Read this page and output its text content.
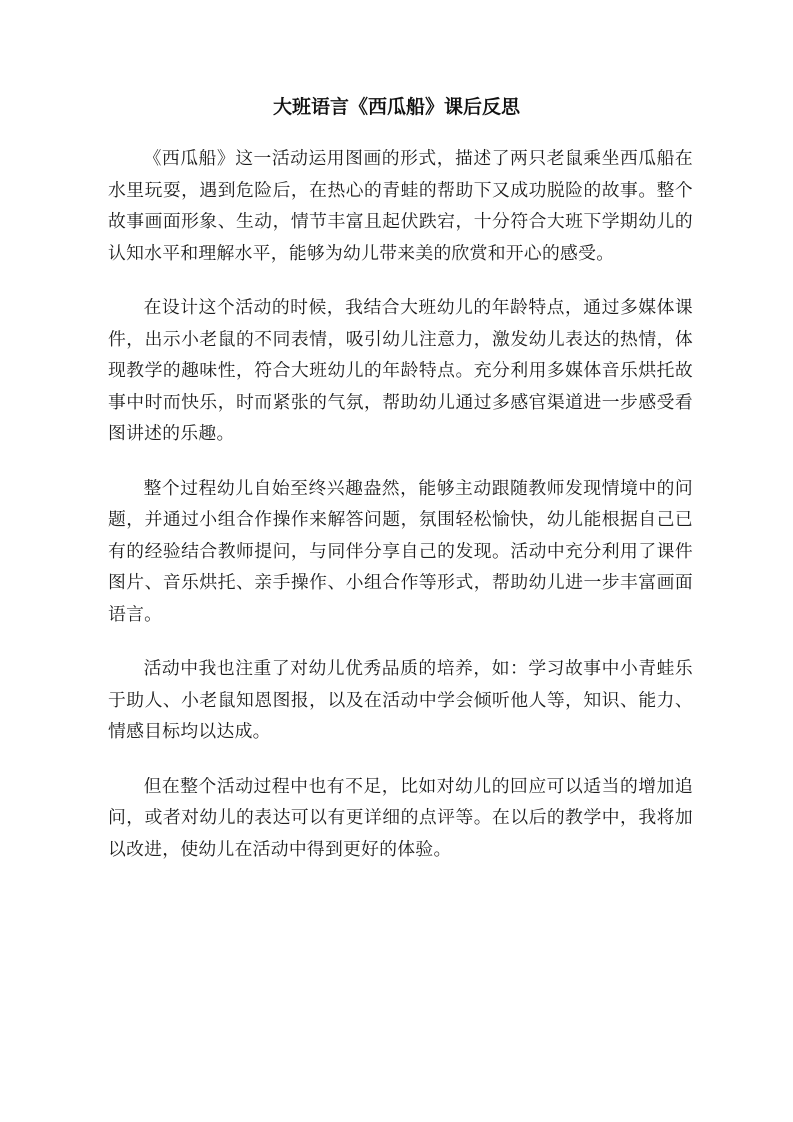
大班语言《西瓜船》课后反思

《西瓜船》这一活动运用图画的形式，描述了两只老鼠乘坐西瓜船在水里玩耍，遇到危险后，在热心的青蛙的帮助下又成功脱险的故事。整个故事画面形象、生动，情节丰富且起伏跌宕，十分符合大班下学期幼儿的认知水平和理解水平，能够为幼儿带来美的欣赏和开心的感受。

在设计这个活动的时候，我结合大班幼儿的年龄特点，通过多媒体课件，出示小老鼠的不同表情，吸引幼儿注意力，激发幼儿表达的热情，体现教学的趣味性，符合大班幼儿的年龄特点。充分利用多媒体音乐烘托故事中时而快乐，时而紧张的气氛，帮助幼儿通过多感官渠道进一步感受看图讲述的乐趣。

整个过程幼儿自始至终兴趣盎然，能够主动跟随教师发现情境中的问题，并通过小组合作操作来解答问题，氛围轻松愉快，幼儿能根据自己已有的经验结合教师提问，与同伴分享自己的发现。活动中充分利用了课件图片、音乐烘托、亲手操作、小组合作等形式，帮助幼儿进一步丰富画面语言。

活动中我也注重了对幼儿优秀品质的培养，如：学习故事中小青蛙乐于助人、小老鼠知恩图报，以及在活动中学会倾听他人等，知识、能力、情感目标均以达成。

但在整个活动过程中也有不足，比如对幼儿的回应可以适当的增加追问，或者对幼儿的表达可以有更详细的点评等。在以后的教学中，我将加以改进，使幼儿在活动中得到更好的体验。
